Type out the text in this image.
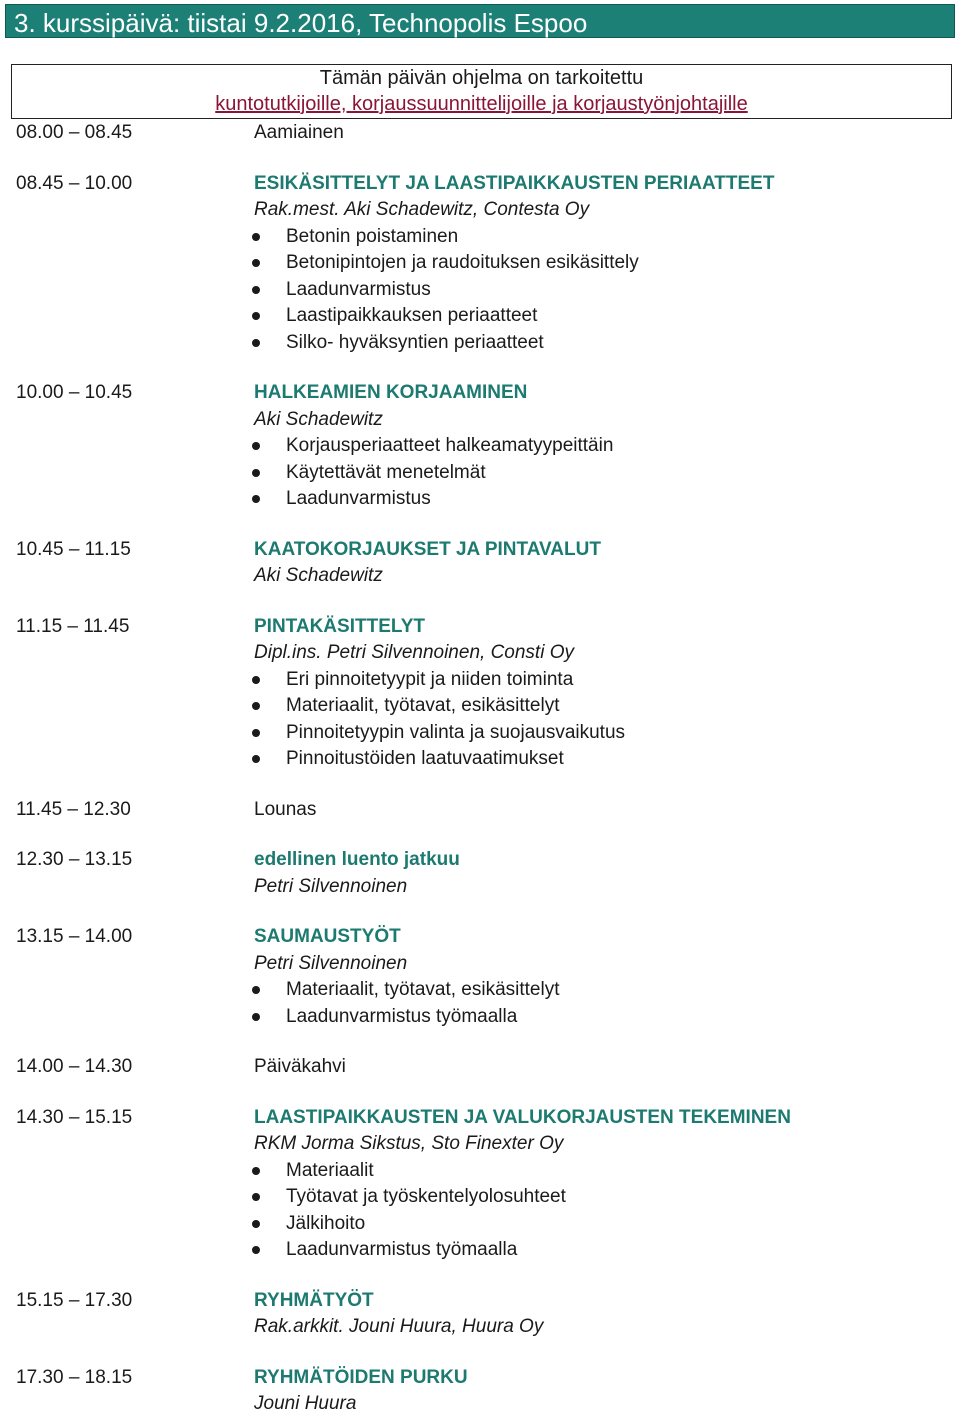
3. kurssipäivä: tiistai 9.2.2016, Technopolis Espoo
Tämän päivän ohjelma on tarkoitettu
kuntotutkijoille, korjaussuunnittelijoille ja korjaustyönjohtajille
08.00 – 08.45	Aamiainen
08.45 – 10.00	ESIKÄSITTELYT JA LAASTIPAIKKAUSTEN PERIAATTEET
Rak.mest. Aki Schadewitz, Contesta Oy
Betonin poistaminen
Betonipintojen ja raudoituksen esikäsittely
Laadunvarmistus
Laastipaikkauksen periaatteet
Silko- hyväksyntien periaatteet
10.00 – 10.45	HALKEAMIEN KORJAAMINEN
Aki Schadewitz
Korjausperiaatteet halkeamatyypeittäin
Käytettävät menetelmät
Laadunvarmistus
10.45 – 11.15	KAATOKORJAUKSET JA PINTAVALUT
Aki Schadewitz
11.15 – 11.45	PINTAKÄSITTELYT
Dipl.ins. Petri Silvennoinen, Consti Oy
Eri pinnoitetyypit ja niiden toiminta
Materiaalit, työtavat, esikäsittelyt
Pinnoitetyypin valinta ja suojausvaikutus
Pinnoitustöiden laatuvaatimukset
11.45 – 12.30	Lounas
12.30 – 13.15	edellinen luento jatkuu
Petri Silvennoinen
13.15 – 14.00	SAUMAUSTYÖT
Petri Silvennoinen
Materiaalit, työtavat, esikäsittelyt
Laadunvarmistus työmaalla
14.00 – 14.30	Päiväkahvi
14.30 – 15.15	LAASTIPAIKKAUSTEN JA VALUKORJAUSTEN TEKEMINEN
RKM Jorma Sikstus, Sto Finexter Oy
Materiaalit
Työtavat ja työskentelyolosuhteet
Jälkihoito
Laadunvarmistus työmaalla
15.15 – 17.30	RYHMÄTYÖT
Rak.arkkit. Jouni Huura, Huura Oy
17.30 – 18.15	RYHMÄTÖIDEN PURKU
Jouni Huura
